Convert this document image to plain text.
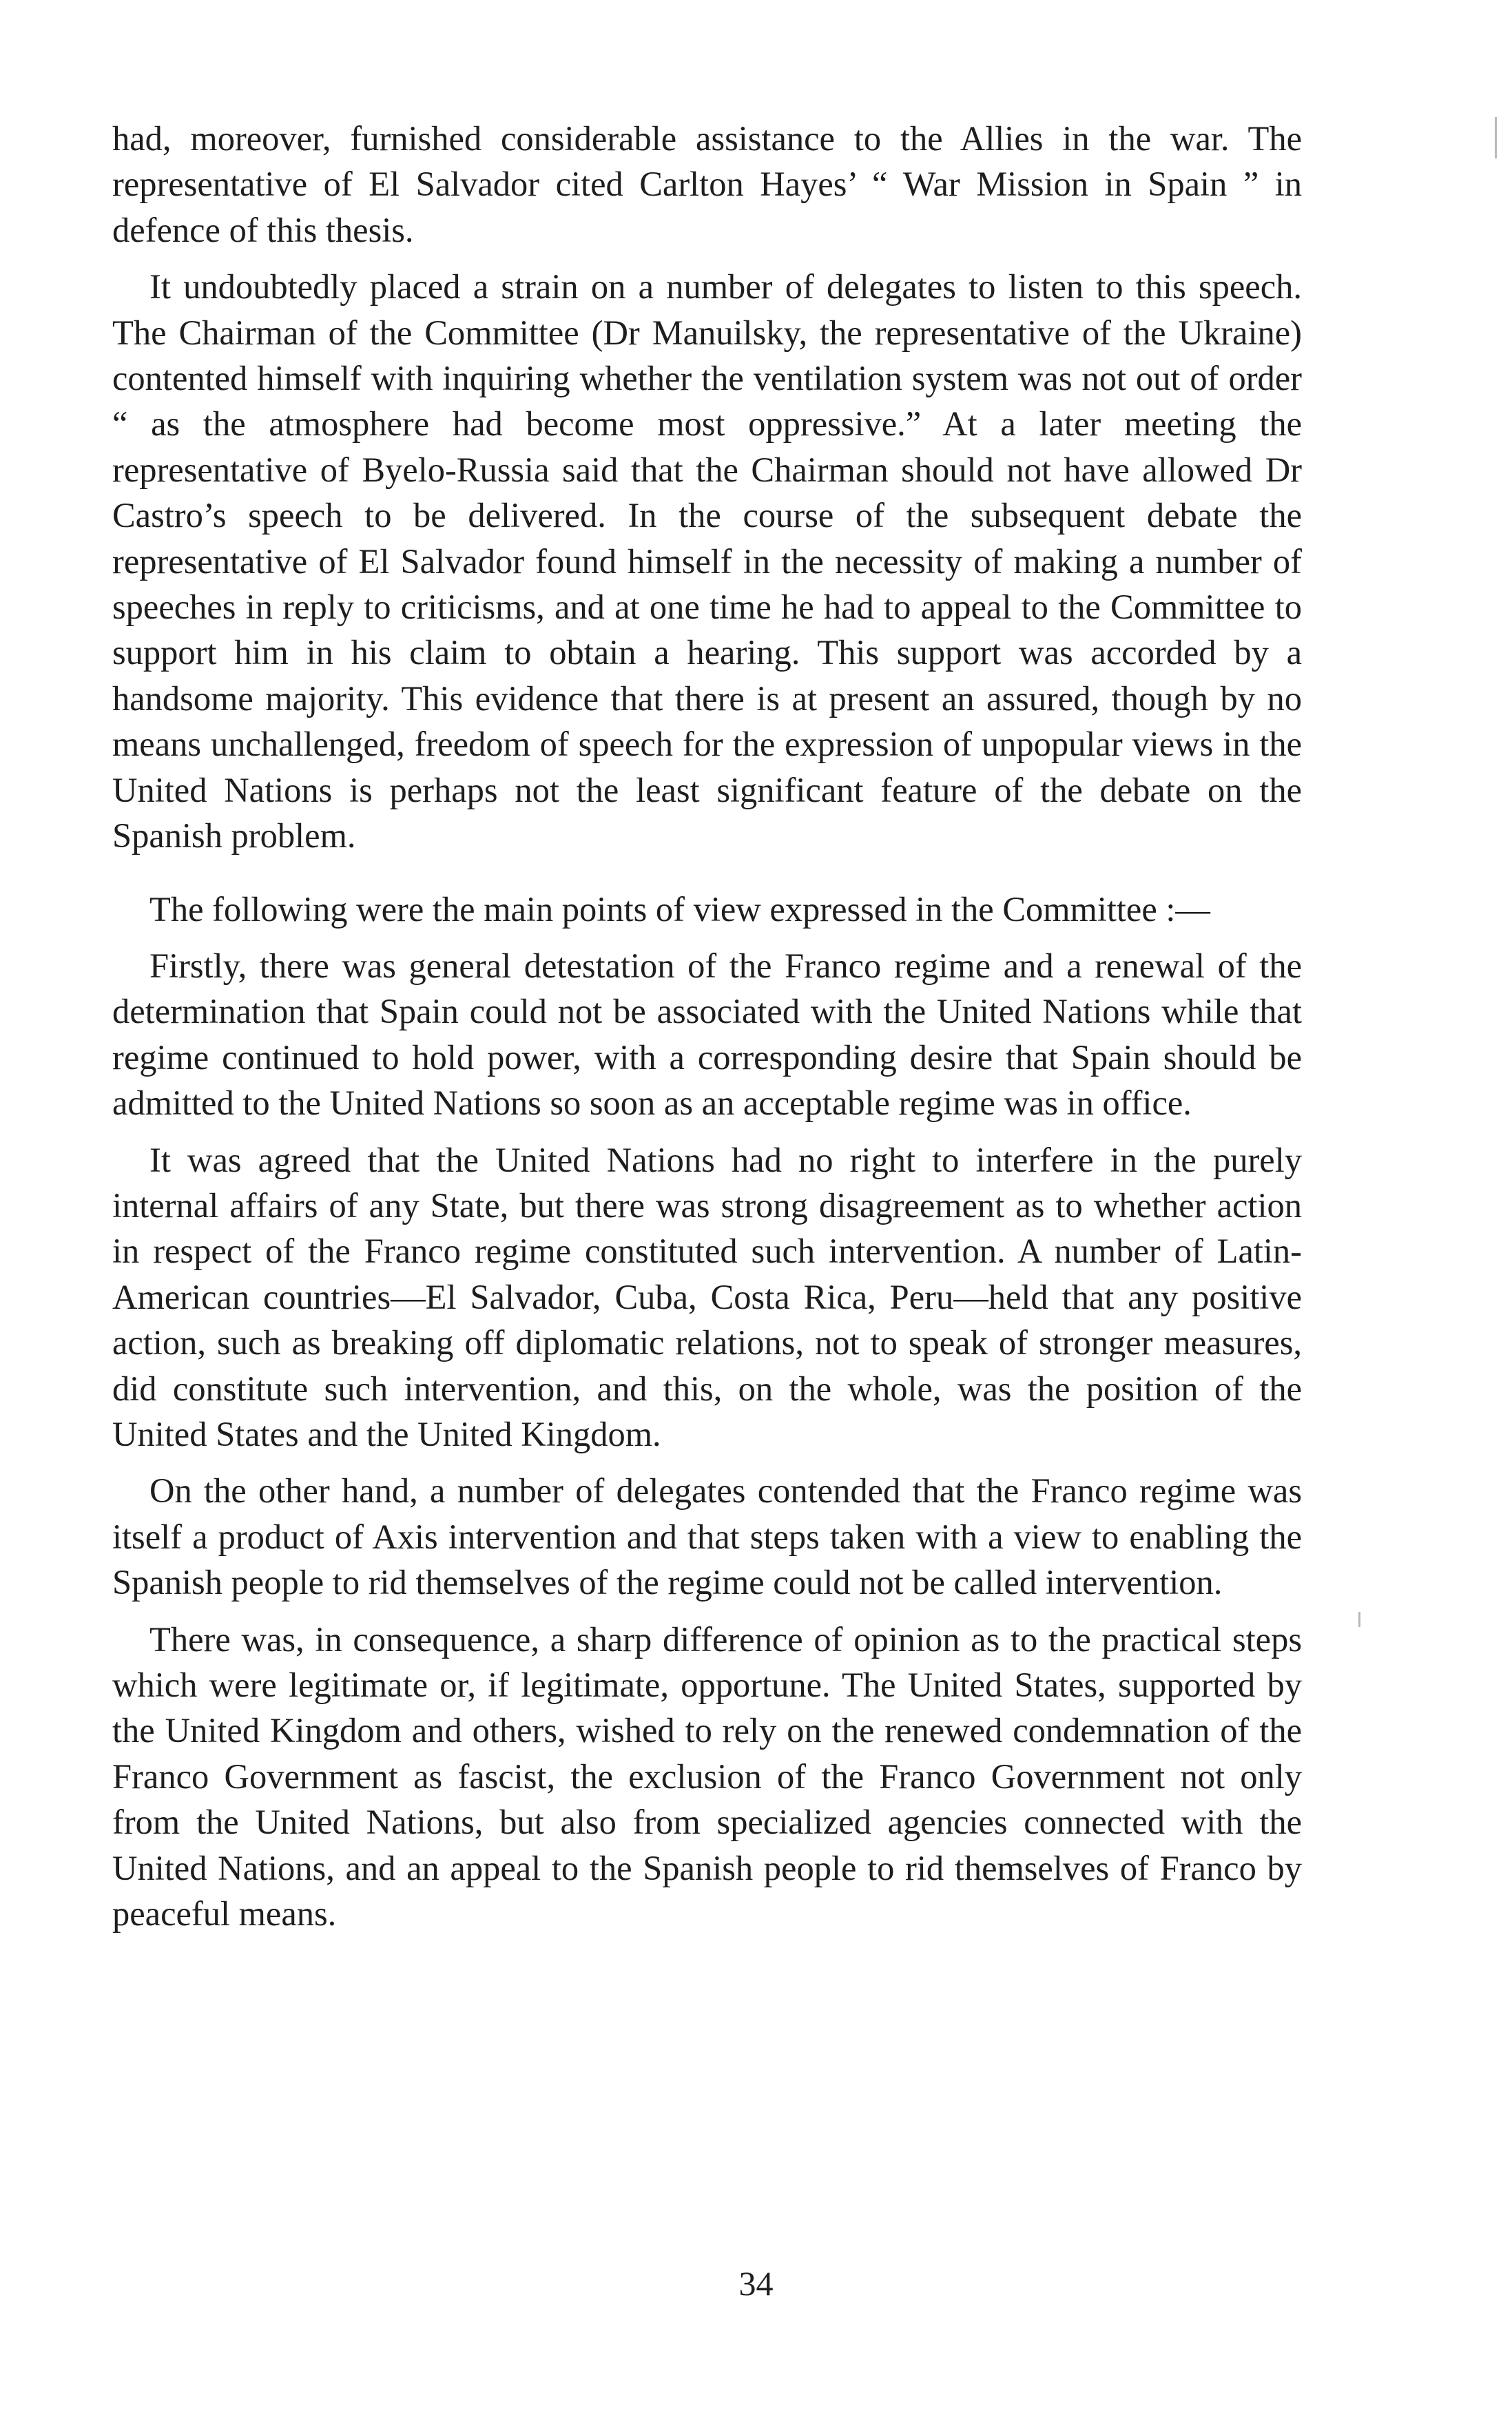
had, moreover, furnished considerable assistance to the Allies in the war. The representative of El Salvador cited Carlton Hayes’ “ War Mission in Spain ” in defence of this thesis.

It undoubtedly placed a strain on a number of delegates to listen to this speech. The Chairman of the Committee (Dr Manuilsky, the representative of the Ukraine) contented himself with inquiring whether the ventilation system was not out of order “ as the atmosphere had become most oppressive.” At a later meeting the representative of Byelo-Russia said that the Chairman should not have allowed Dr Castro’s speech to be delivered. In the course of the subsequent debate the representative of El Salvador found himself in the necessity of making a number of speeches in reply to criticisms, and at one time he had to appeal to the Committee to support him in his claim to obtain a hearing. This support was accorded by a handsome majority. This evidence that there is at present an assured, though by no means unchallenged, freedom of speech for the expression of unpopular views in the United Nations is perhaps not the least significant feature of the debate on the Spanish problem.

The following were the main points of view expressed in the Committee :—

Firstly, there was general detestation of the Franco regime and a renewal of the determination that Spain could not be associated with the United Nations while that regime continued to hold power, with a corresponding desire that Spain should be admitted to the United Nations so soon as an acceptable regime was in office.

It was agreed that the United Nations had no right to interfere in the purely internal affairs of any State, but there was strong disagreement as to whether action in respect of the Franco regime constituted such intervention. A number of Latin-American countries—El Salvador, Cuba, Costa Rica, Peru—held that any positive action, such as breaking off diplomatic relations, not to speak of stronger measures, did constitute such intervention, and this, on the whole, was the position of the United States and the United Kingdom.

On the other hand, a number of delegates contended that the Franco regime was itself a product of Axis intervention and that steps taken with a view to enabling the Spanish people to rid themselves of the regime could not be called intervention.

There was, in consequence, a sharp difference of opinion as to the practical steps which were legitimate or, if legitimate, opportune. The United States, supported by the United Kingdom and others, wished to rely on the renewed condemnation of the Franco Government as fascist, the exclusion of the Franco Government not only from the United Nations, but also from specialized agencies connected with the United Nations, and an appeal to the Spanish people to rid themselves of Franco by peaceful means.

34
